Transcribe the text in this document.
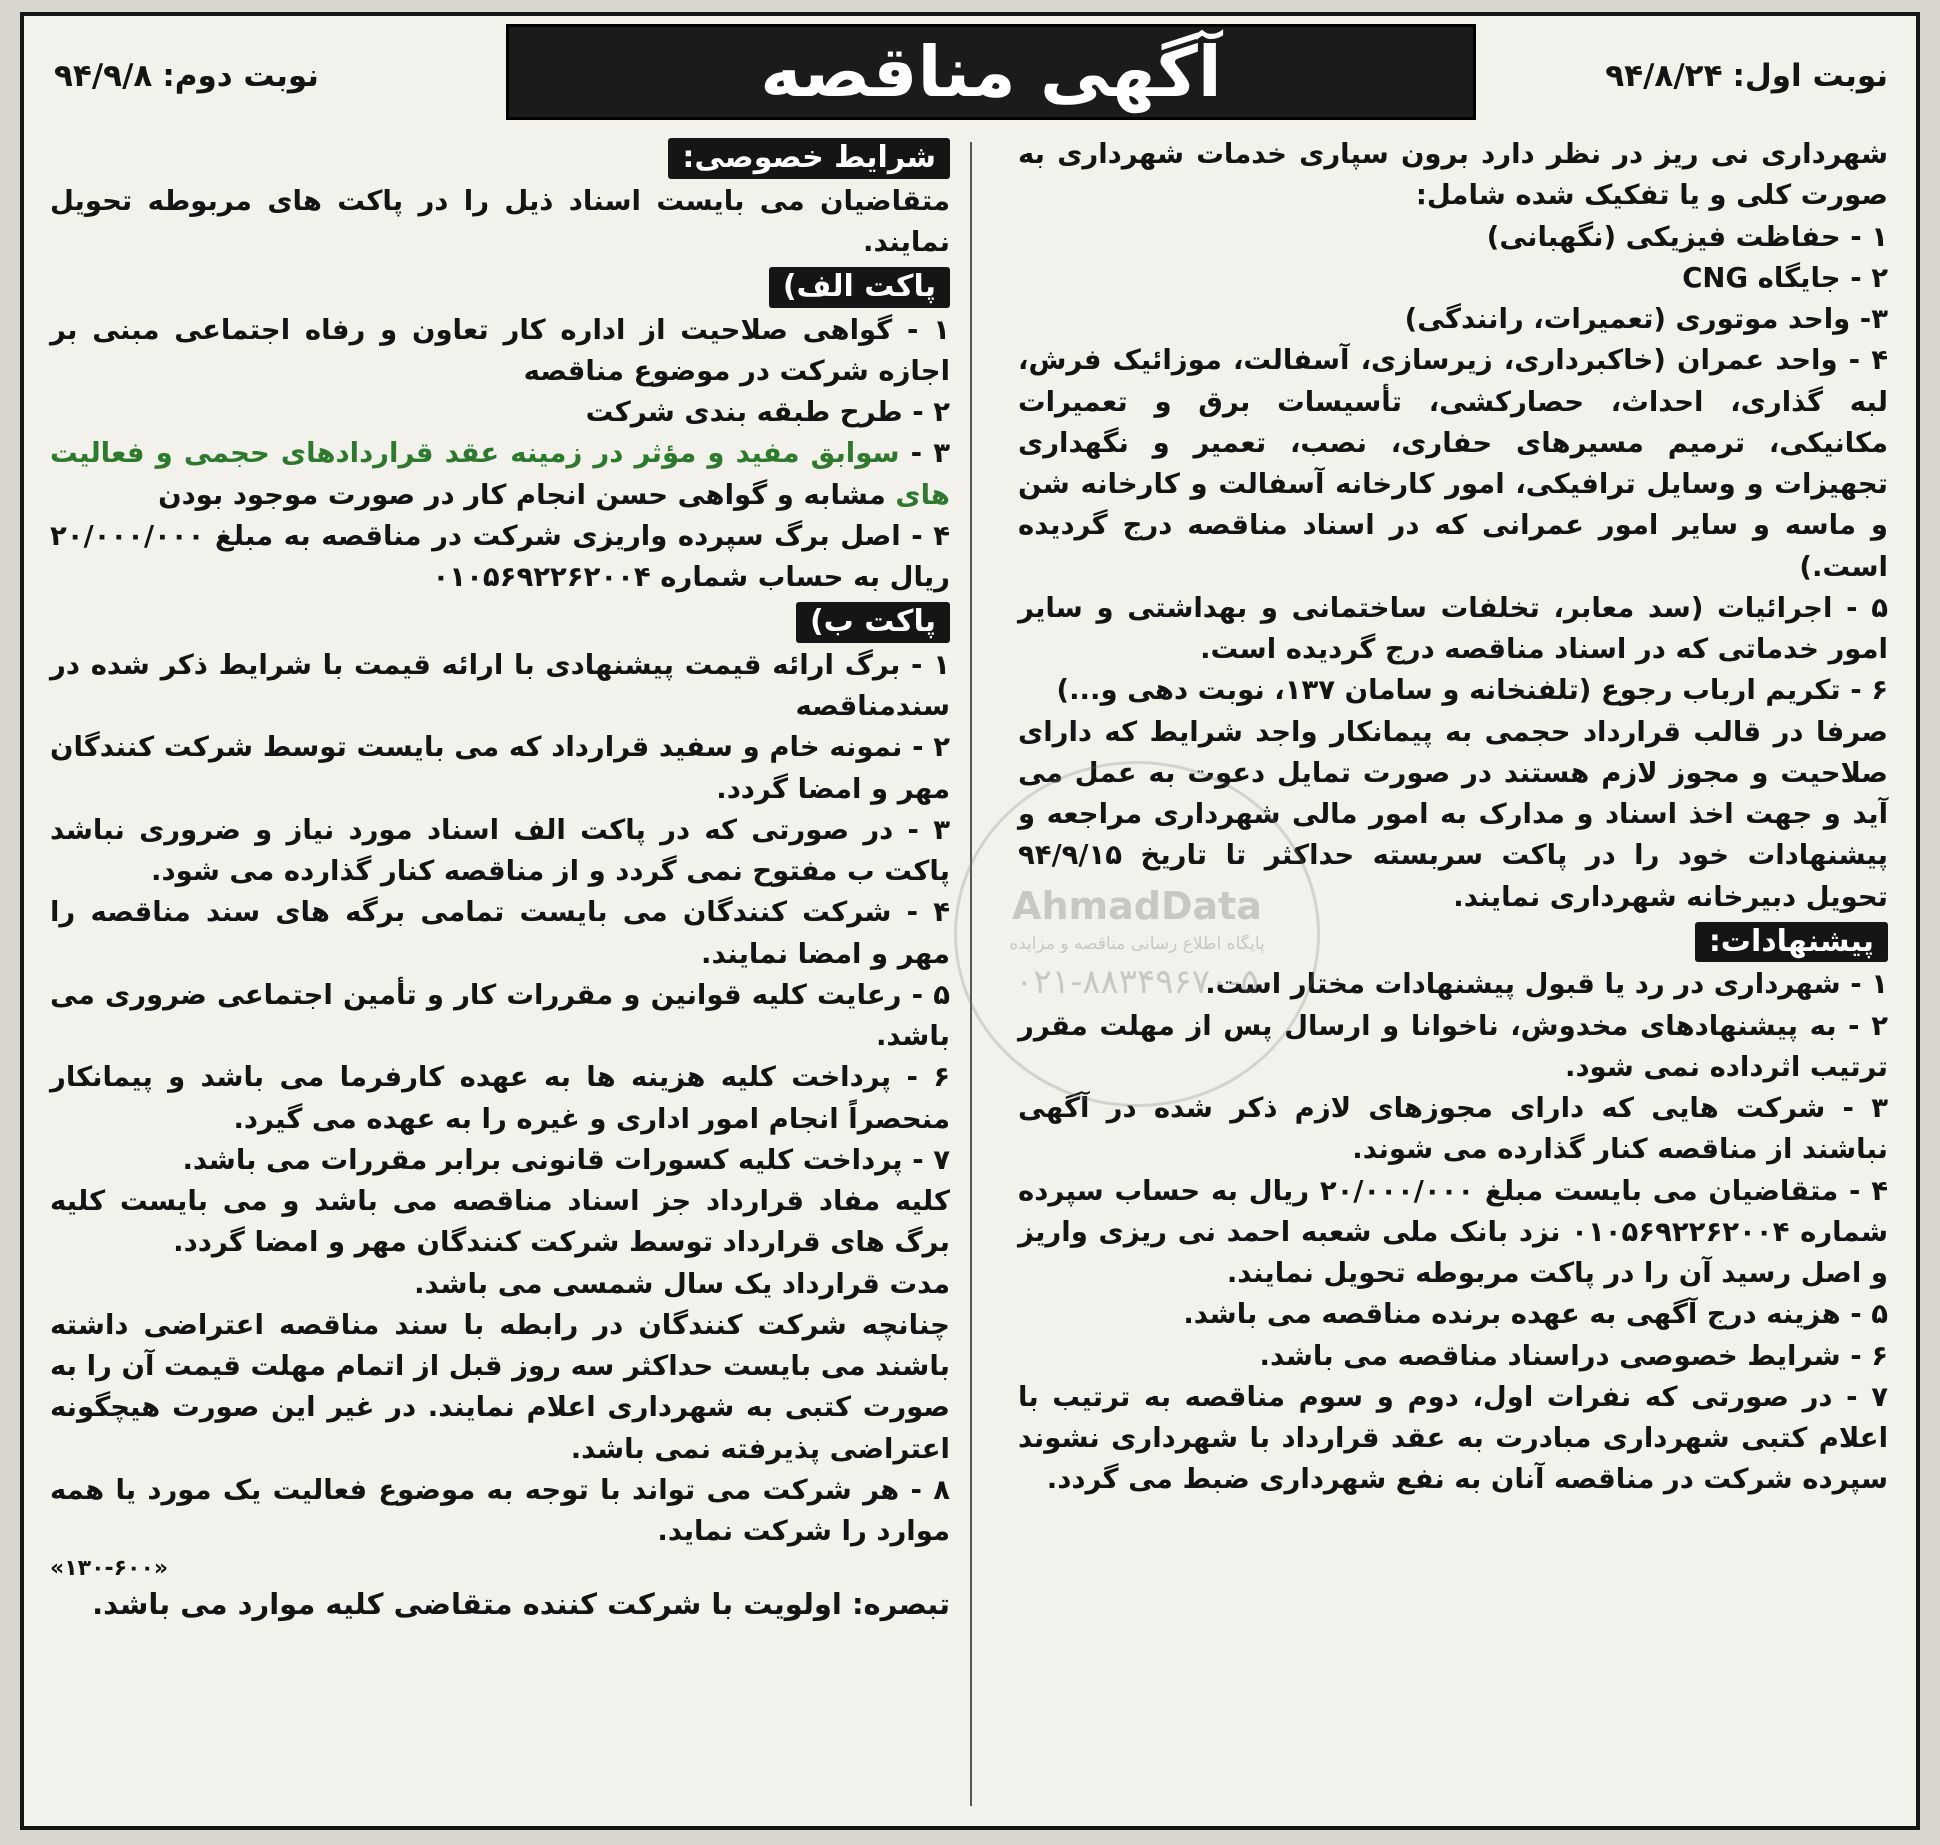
نوبت اول:
۹۴/۸/۲۴
آگهی مناقصه
نوبت دوم:
۹۴/۹/۸

شهرداری نی ریز در نظر دارد برون سپاری خدمات شهرداری به صورت کلی و یا تفکیک شده شامل:

۱ - حفاظت فیزیکی (نگهبانی)

۲ - جایگاه CNG

۳- واحد موتوری (تعمیرات، رانندگی)

۴ - واحد عمران (خاکبرداری، زیرسازی، آسفالت، موزائیک فرش، لبه گذاری، احداث، حصارکشی، تأسیسات برق و تعمیرات مکانیکی، ترمیم مسیرهای حفاری، نصب، تعمیر و نگهداری تجهیزات و وسایل ترافیکی، امور کارخانه آسفالت و کارخانه شن و ماسه و سایر امور عمرانی که در اسناد مناقصه درج گردیده است.)

۵ - اجرائیات (سد معابر، تخلفات ساختمانی و بهداشتی و سایر امور خدماتی که در اسناد مناقصه درج گردیده است.

۶ - تکریم ارباب رجوع (تلفنخانه و سامان ۱۳۷، نوبت دهی و...)

صرفا در قالب قرارداد حجمی به پیمانکار واجد شرایط که دارای صلاحیت و مجوز لازم هستند در صورت تمایل دعوت به عمل می آید و جهت اخذ اسناد و مدارک به امور مالی شهرداری مراجعه و پیشنهادات خود را در پاکت سربسته حداکثر تا تاریخ ۹۴/۹/۱۵ تحویل دبیرخانه شهرداری نمایند.

پیشنهادات:

۱ - شهرداری در رد یا قبول پیشنهادات مختار است.

۲ - به پیشنهادهای مخدوش، ناخوانا و ارسال پس از مهلت مقرر ترتیب اثرداده نمی شود.

۳ - شرکت هایی که دارای مجوزهای لازم ذکر شده در آگهی نباشند از مناقصه کنار گذارده می شوند.

۴ - متقاضیان می بایست مبلغ ۲۰/۰۰۰/۰۰۰ ریال به حساب سپرده شماره ۰۱۰۵۶۹۲۲۶۲۰۰۴ نزد بانک ملی شعبه احمد نی ریزی واریز و اصل رسید آن را در پاکت مربوطه تحویل نمایند.

۵ - هزینه درج آگهی به عهده برنده مناقصه می باشد.

۶ - شرایط خصوصی دراسناد مناقصه می باشد.

۷ - در صورتی که نفرات اول، دوم و سوم مناقصه به ترتیب با اعلام کتبی شهرداری مبادرت به عقد قرارداد با شهرداری نشوند سپرده شرکت در مناقصه آنان به نفع شهرداری ضبط می گردد.

شرایط خصوصی:

متقاضیان می بایست اسناد ذیل را در پاکت های مربوطه تحویل نمایند.

پاکت الف)

۱ - گواهی صلاحیت از اداره کار تعاون و رفاه اجتماعی مبنی بر اجازه شرکت در موضوع مناقصه

۲ - طرح طبقه بندی شرکت

۳ - سوابق مفید و مؤثر در زمینه عقد قراردادهای حجمی و فعالیت های مشابه و گواهی حسن انجام کار در صورت موجود بودن

۴ - اصل برگ سپرده واریزی شرکت در مناقصه به مبلغ ۲۰/۰۰۰/۰۰۰ ریال به حساب شماره ۰۱۰۵۶۹۲۲۶۲۰۰۴

پاکت ب)

۱ - برگ ارائه قیمت پیشنهادی با ارائه قیمت با شرایط ذکر شده در سندمناقصه

۲ - نمونه خام و سفید قرارداد که می بایست توسط شرکت کنندگان مهر و امضا گردد.

۳ - در صورتی که در پاکت الف اسناد مورد نیاز و ضروری نباشد پاکت ب مفتوح نمی گردد و از مناقصه کنار گذارده می شود.

۴ - شرکت کنندگان می بایست تمامی برگه های سند مناقصه را مهر و امضا نمایند.

۵ - رعایت کلیه قوانین و مقررات کار و تأمین اجتماعی ضروری می باشد.

۶ - پرداخت کلیه هزینه ها به عهده کارفرما می باشد و پیمانکار منحصراً انجام امور اداری و غیره را به عهده می گیرد.

۷ - پرداخت کلیه کسورات قانونی برابر مقررات می باشد.

کلیه مفاد قرارداد جز اسناد مناقصه می باشد و می بایست کلیه برگ های قرارداد توسط شرکت کنندگان مهر و امضا گردد.

مدت قرارداد یک سال شمسی می باشد.

چنانچه شرکت کنندگان در رابطه با سند مناقصه اعتراضی داشته باشند می بایست حداکثر سه روز قبل از اتمام مهلت قیمت آن را به صورت کتبی به شهرداری اعلام نمایند. در غیر این صورت هیچگونه اعتراضی پذیرفته نمی باشد.

۸ - هر شرکت می تواند با توجه به موضوع فعالیت یک مورد یا همه موارد را شرکت نماید.

«۱۳۰-۶۰۰»

تبصره: اولویت با شرکت کننده متقاضی کلیه موارد می باشد.

AhmadData
پایگاه اطلاع رسانی مناقصه و مزایده
۰۲۱-۸۸۳۴۹۶۷۰-۵
